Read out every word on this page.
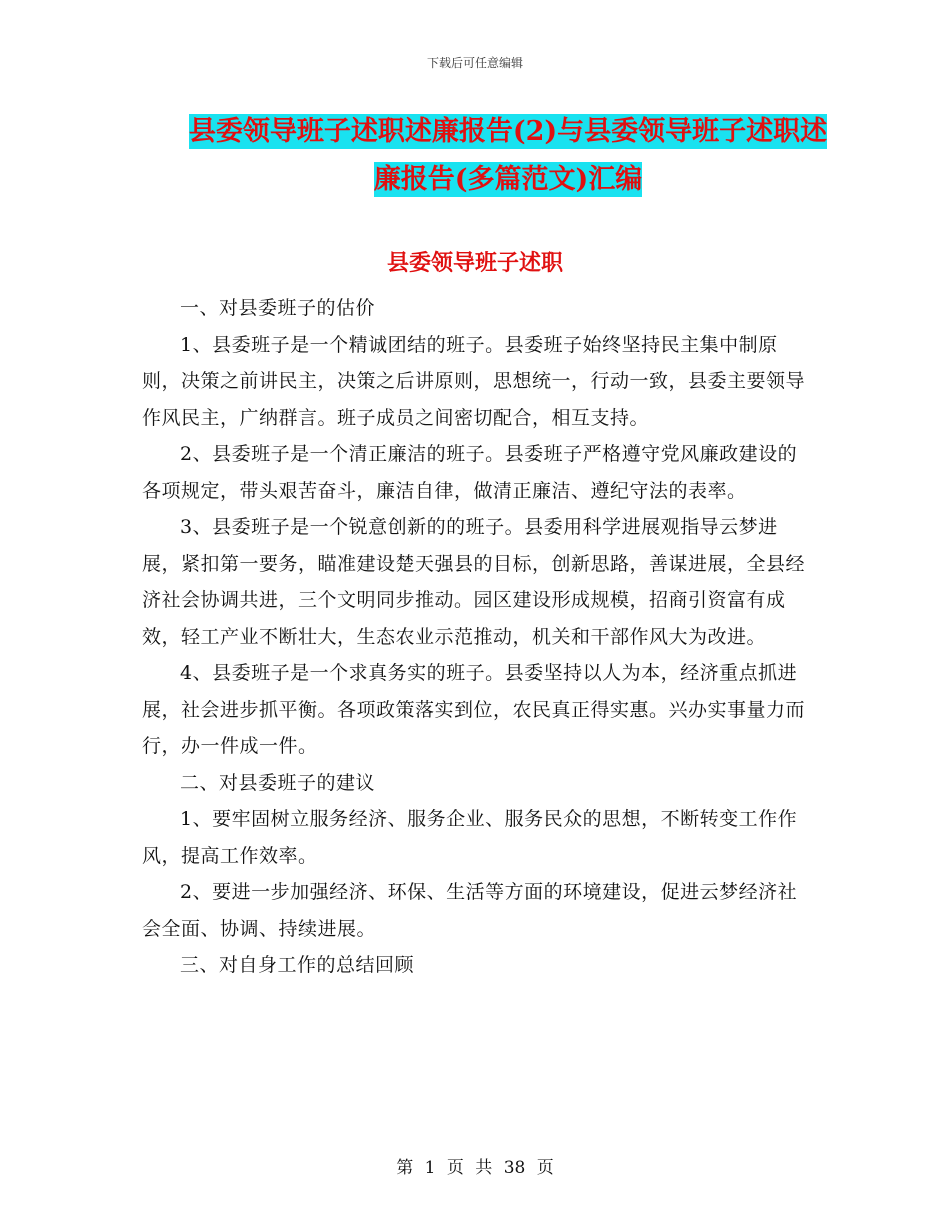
下载后可任意编辑
县委领导班子述职述廉报告(2)与县委领导班子述职述
廉报告(多篇范文)汇编
县委领导班子述职

一、对县委班子的估价

1、县委班子是一个精诚团结的班子。县委班子始终坚持民主集中制原则，决策之前讲民主，决策之后讲原则，思想统一，行动一致，县委主要领导作风民主，广纳群言。班子成员之间密切配合，相互支持。

2、县委班子是一个清正廉洁的班子。县委班子严格遵守党风廉政建设的各项规定，带头艰苦奋斗，廉洁自律，做清正廉洁、遵纪守法的表率。

3、县委班子是一个锐意创新的的班子。县委用科学进展观指导云梦进展，紧扣第一要务，瞄准建设楚天强县的目标，创新思路，善谋进展，全县经济社会协调共进，三个文明同步推动。园区建设形成规模，招商引资富有成效，轻工产业不断壮大，生态农业示范推动，机关和干部作风大为改进。

4、县委班子是一个求真务实的班子。县委坚持以人为本，经济重点抓进展，社会进步抓平衡。各项政策落实到位，农民真正得实惠。兴办实事量力而行，办一件成一件。

二、对县委班子的建议

1、要牢固树立服务经济、服务企业、服务民众的思想，不断转变工作作风，提高工作效率。

2、要进一步加强经济、环保、生活等方面的环境建设，促进云梦经济社会全面、协调、持续进展。

三、对自身工作的总结回顾

第 1 页 共 38 页
